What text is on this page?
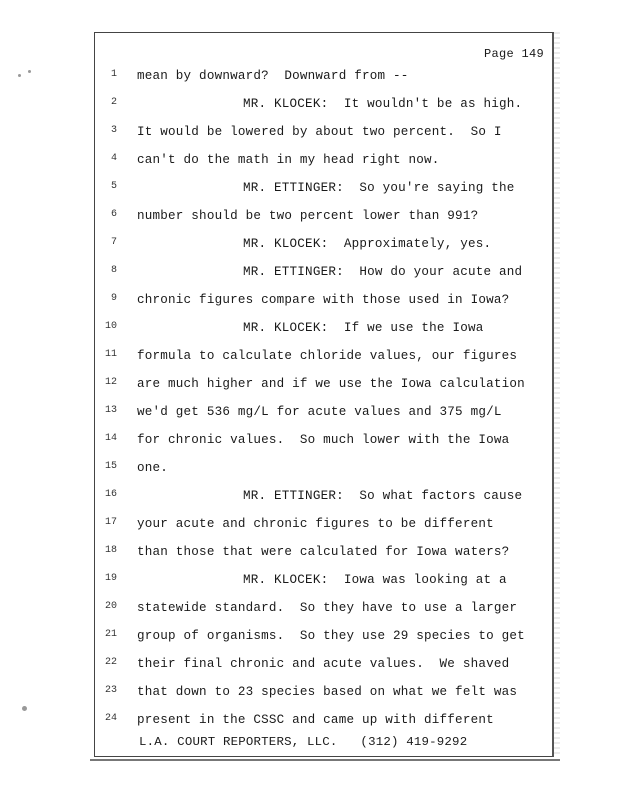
Page 149
1
2
3
4
5
6
7
8
9
10
11
12
13
14
15
16
17
18
19
20
21
22
23
24
mean by downward?  Downward from --
MR. KLOCEK:  It wouldn't be as high.
It would be lowered by about two percent.  So I
can't do the math in my head right now.
MR. ETTINGER:  So you're saying the
number should be two percent lower than 991?
MR. KLOCEK:  Approximately, yes.
MR. ETTINGER:  How do your acute and
chronic figures compare with those used in Iowa?
MR. KLOCEK:  If we use the Iowa
formula to calculate chloride values, our figures
are much higher and if we use the Iowa calculation
we'd get 536 mg/L for acute values and 375 mg/L
for chronic values.  So much lower with the Iowa
one.
MR. ETTINGER:  So what factors cause
your acute and chronic figures to be different
than those that were calculated for Iowa waters?
MR. KLOCEK:  Iowa was looking at a
statewide standard.  So they have to use a larger
group of organisms.  So they use 29 species to get
their final chronic and acute values.  We shaved
that down to 23 species based on what we felt was
present in the CSSC and came up with different
L.A. COURT REPORTERS, LLC.   (312) 419-9292
